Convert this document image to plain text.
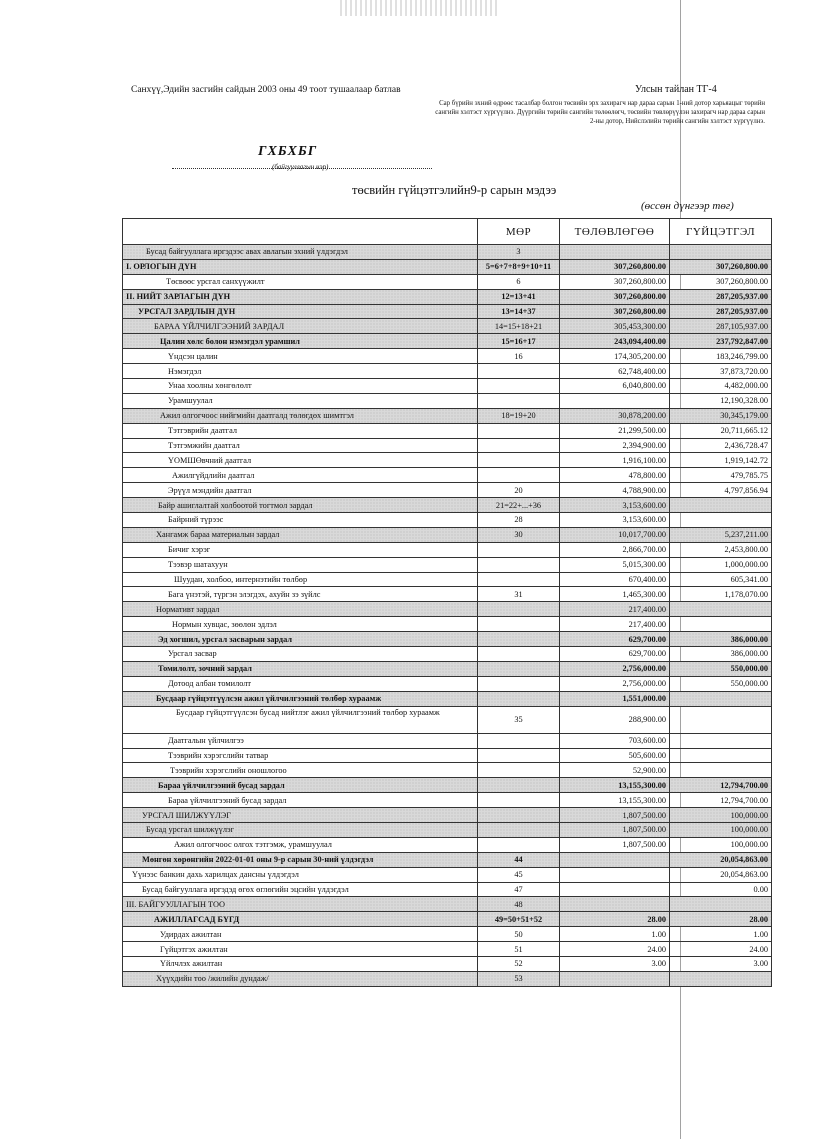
Санхүү,Эдийн засгийн сайдын 2003 оны 49 тоот тушаалаар батлав	Улсын тайлан ТГ-4
Сар бүрийн эхний өдрөөс тасалбар болгон төсвийн эрх захирагч нар дараа сарын 1-ний дотор харьяацыг төрийн сангийн хэлтэст хүргүүлнэ. Дүүргийн төрийн сангийн төлөөлөгч, төсвийн төвлөрүүлэн захирагч нар дараа сарын 2-ны дотор, Нийслэлийн төрийн сангийн хэлтэст хүргүүлнэ.
ГХБХБГ
(байгууллагын нэр)
төсвийн гүйцэтгэлийн9-р сарын мэдээ
(өссөн дүнгээр төг)
	МӨР	ТӨЛӨВЛӨГӨӨ	ГҮЙЦЭТГЭЛ
Бусад байгууллага иргэдээс авах авлагын эхний үлдэгдэл	3		
I. ОРЛОГЫН ДҮН	5=6+7+8+9+10+11	307,260,800.00	307,260,800.00
Төсвөөс урсгал санхүүжилт	6	307,260,800.00	307,260,800.00
II. НИЙТ ЗАРЛАГЫН ДҮН	12=13+41	307,260,800.00	287,205,937.00
УРСГАЛ ЗАРДЛЫН ДҮН	13=14+37	307,260,800.00	287,205,937.00
БАРАА ҮЙЛЧИЛГЭЭНИЙ ЗАРДАЛ	14=15+18+21	305,453,300.00	287,105,937.00
Цалин хөлс болон нэмэгдэл урамшил	15=16+17	243,094,400.00	237,792,847.00
Үндсэн цалин	16	174,305,200.00	183,246,799.00
Нэмэгдэл		62,748,400.00	37,873,720.00
Унаа хоолны хөнгөлөлт		6,040,800.00	4,482,000.00
Урамшуулал			12,190,328.00
Ажил олгогчоос нийгмийн даатгалд төлөгдөх шимтгэл	18=19+20	30,878,200.00	30,345,179.00
Тэтгэврийн даатгал		21,299,500.00	20,711,665.12
Тэтгэмжийн даатгал		2,394,900.00	2,436,728.47
ҮОМШӨвчний даатгал		1,916,100.00	1,919,142.72
Ажилгүйдлийн даатгал		478,800.00	479,785.75
Эрүүл мэндийн даатгал	20	4,788,900.00	4,797,856.94
Байр ашиглалтай холбоотой тогтмол зардал	21=22+...+36	3,153,600.00	
Байрний түрээс	28	3,153,600.00	
Хангамж бараа материалын зардал	30	10,017,700.00	5,237,211.00
Бичиг хэрэг		2,866,700.00	2,453,800.00
Тээвэр шатахуун		5,015,300.00	1,000,000.00
Шуудан, холбоо, интернэтийн төлбөр		670,400.00	605,341.00
Бага үнэтэй, түргэн элэгдэх, ахуйн зэ зүйлс	31	1,465,300.00	1,178,070.00
Нормативт зардал		217,400.00	
Нормын хувцас, зөөлөн эдлэл		217,400.00	
Эд хогшил, урсгал засварын зардал		629,700.00	386,000.00
Урсгал засвар		629,700.00	386,000.00
Томилолт, зочний зардал		2,756,000.00	550,000.00
Дотоод албан томилолт		2,756,000.00	550,000.00
Бусдаар гүйцэтгүүлсэн ажил үйлчилгээний төлбөр хураамж		1,551,000.00	
Бусдаар гүйцэтгүүлсэн бусад нийтлэг ажил үйлчилгээний төлбөр хураамж	35	288,900.00	
Даатгалын үйлчилгээ		703,600.00	
Тээврийн хэрэгслийн татвар		505,600.00	
Тээврийн хэрэгслийн оношлогоо		52,900.00	
Бараа үйлчилгээний бусад зардал		13,155,300.00	12,794,700.00
Бараа үйлчилгээний бусад зардал		13,155,300.00	12,794,700.00
УРСГАЛ ШИЛЖҮҮЛЭГ		1,807,500.00	100,000.00
Бусад урсгал шилжүүлэг		1,807,500.00	100,000.00
Ажил олгогчоос олгох тэтгэмж, урамшуулал		1,807,500.00	100,000.00
Мөнгөн хөрөнгийн 2022-01-01 оны 9-р сарын 30-ний үлдэгдэл	44		20,054,863.00
Үүнээс банкин дахь харилцах дансны үлдэгдэл	45		20,054,863.00
Бусад байгууллага иргэдэд өгөх өглөгийн эцсийн үлдэгдэл	47		0.00
III. БАЙГУУЛЛАГЫН ТОО	48		
АЖИЛЛАГСАД БҮГД	49=50+51+52	28.00	28.00
Удирдах ажилтан	50	1.00	1.00
Гүйцэтгэх ажилтан	51	24.00	24.00
Үйлчлэх ажилтан	52	3.00	3.00
Хүүхдийн тоо /жилийн дундаж/	53		
